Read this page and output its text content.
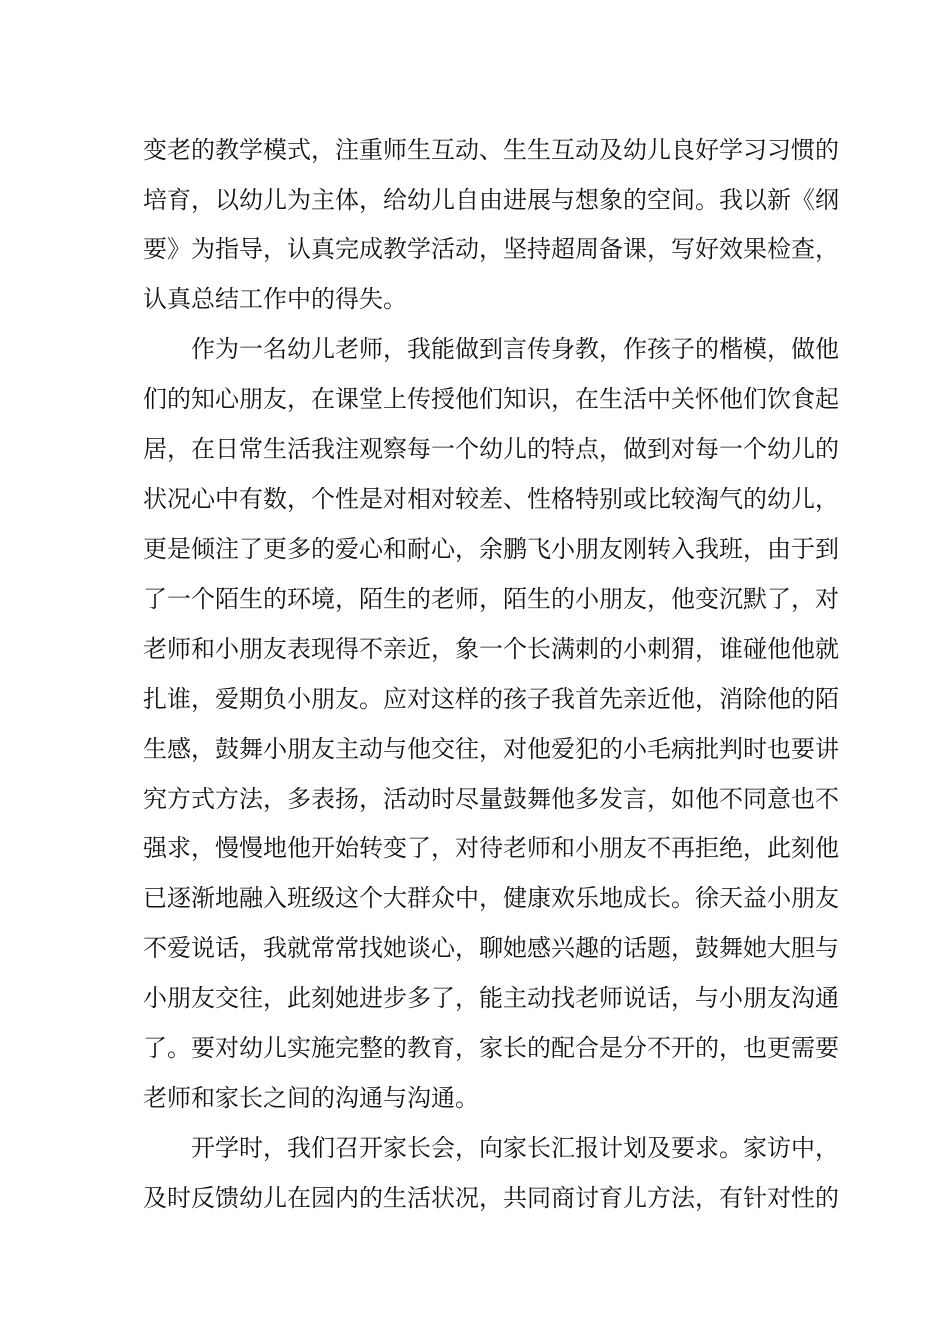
变老的教学模式，注重师生互动、生生互动及幼儿良好学习习惯的
培育，以幼儿为主体，给幼儿自由进展与想象的空间。我以新《纲
要》为指导，认真完成教学活动，坚持超周备课，写好效果检查，
认真总结工作中的得失。
作为一名幼儿老师，我能做到言传身教，作孩子的楷模，做他
们的知心朋友，在课堂上传授他们知识，在生活中关怀他们饮食起
居，在日常生活我注观察每一个幼儿的特点，做到对每一个幼儿的
状况心中有数，个性是对相对较差、性格特别或比较淘气的幼儿，
更是倾注了更多的爱心和耐心，余鹏飞小朋友刚转入我班，由于到
了一个陌生的环境，陌生的老师，陌生的小朋友，他变沉默了，对
老师和小朋友表现得不亲近，象一个长满刺的小刺猬，谁碰他他就
扎谁，爱期负小朋友。应对这样的孩子我首先亲近他，消除他的陌
生感，鼓舞小朋友主动与他交往，对他爱犯的小毛病批判时也要讲
究方式方法，多表扬，活动时尽量鼓舞他多发言，如他不同意也不
强求，慢慢地他开始转变了，对待老师和小朋友不再拒绝，此刻他
已逐渐地融入班级这个大群众中，健康欢乐地成长。徐天益小朋友
不爱说话，我就常常找她谈心，聊她感兴趣的话题，鼓舞她大胆与
小朋友交往，此刻她进步多了，能主动找老师说话，与小朋友沟通
了。要对幼儿实施完整的教育，家长的配合是分不开的，也更需要
老师和家长之间的沟通与沟通。
开学时，我们召开家长会，向家长汇报计划及要求。家访中，
及时反馈幼儿在园内的生活状况，共同商讨育儿方法，有针对性的
